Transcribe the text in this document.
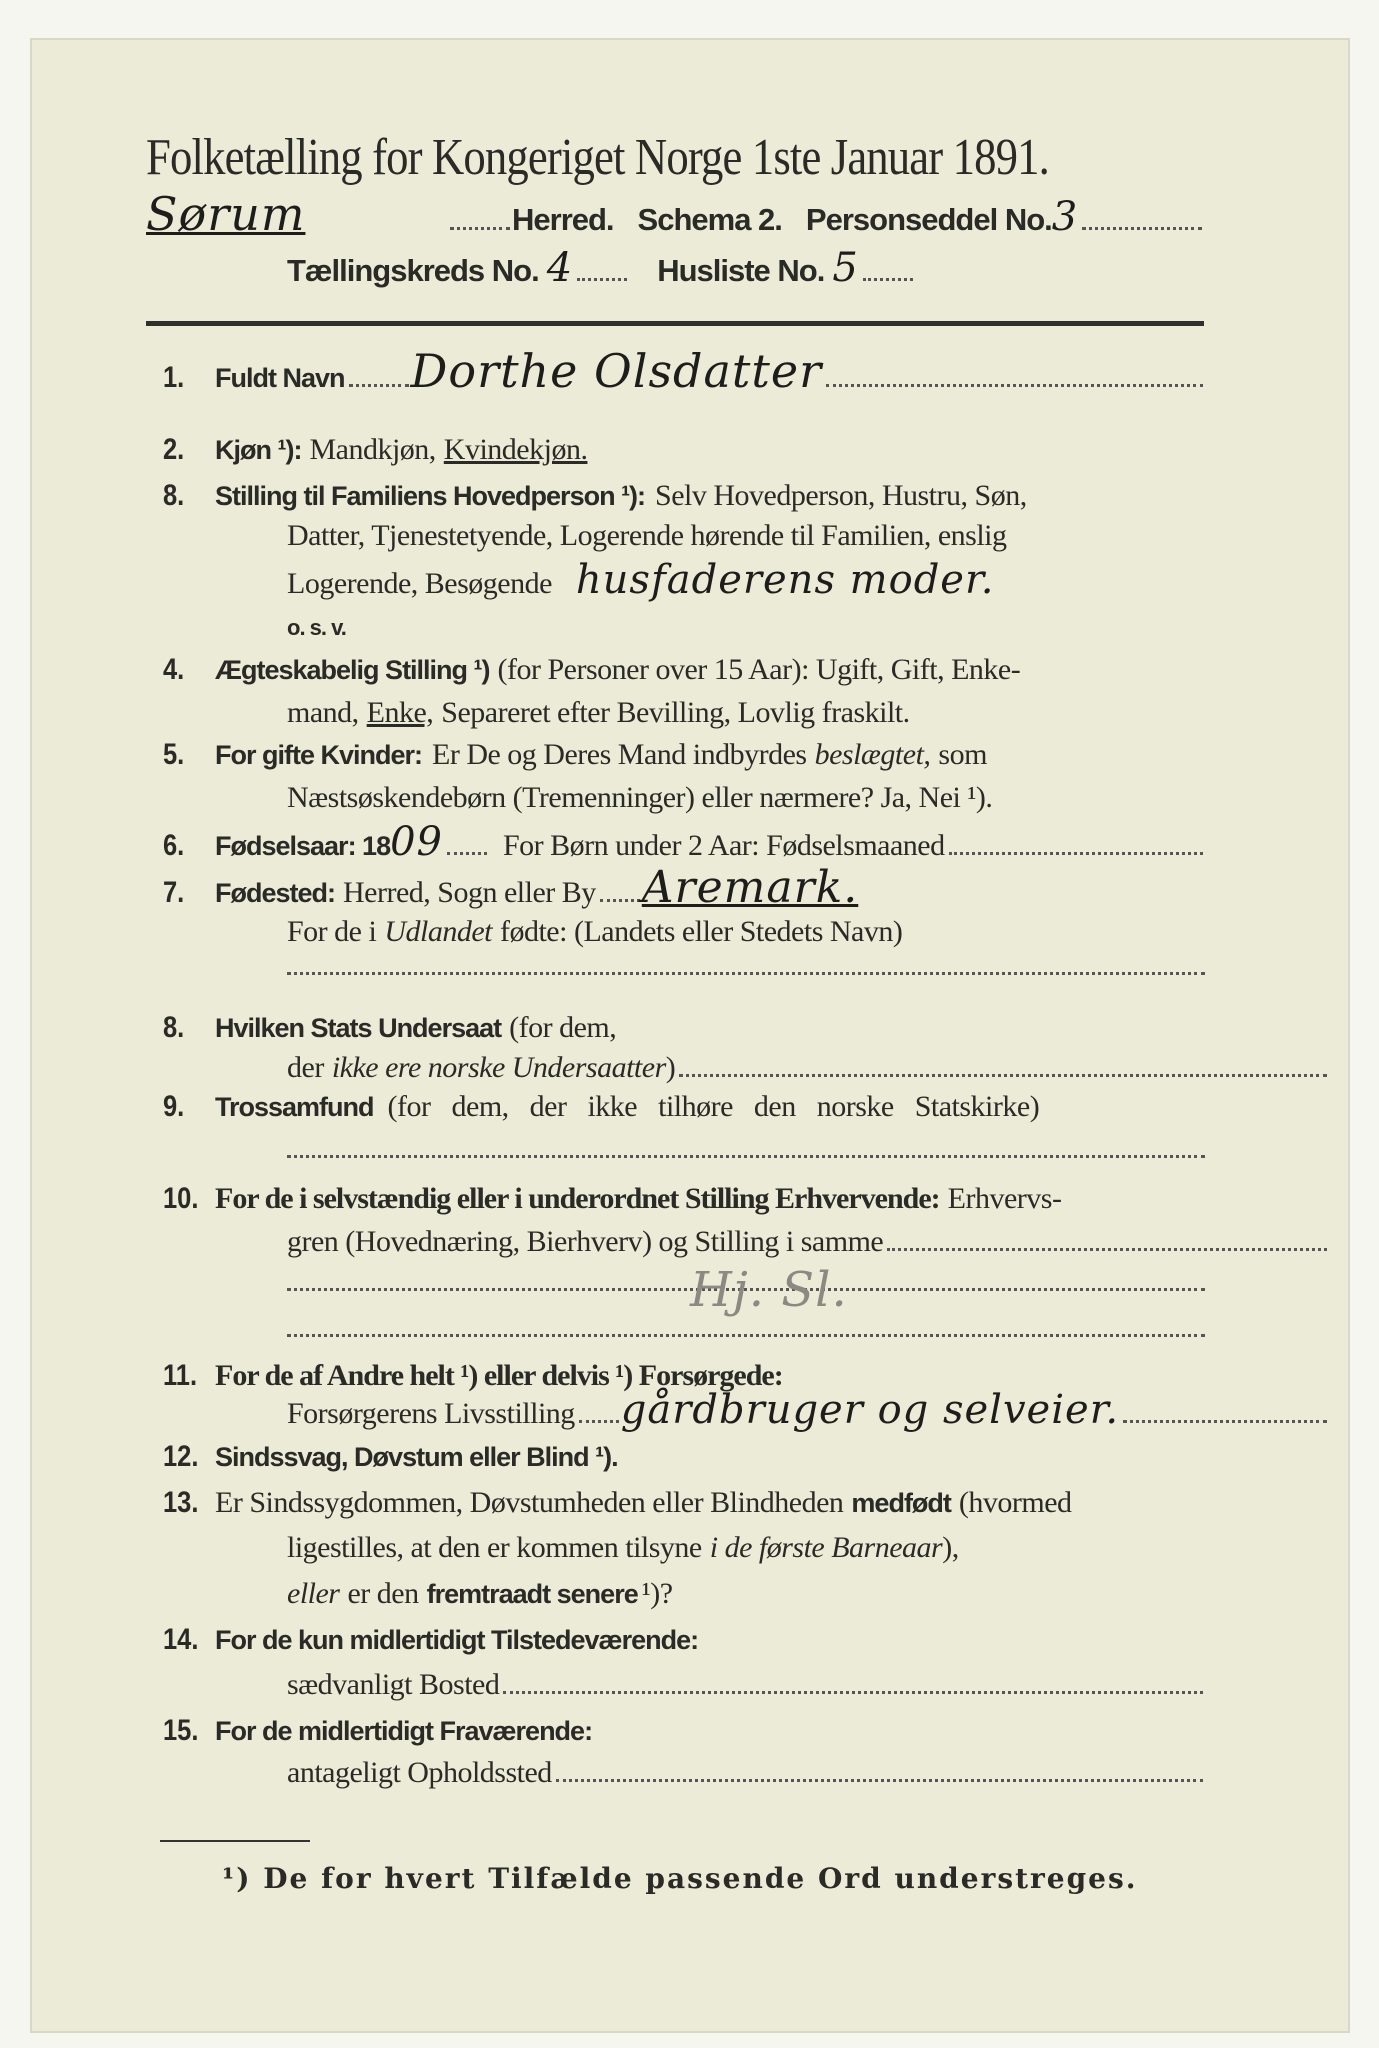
Folketælling for Kongeriget Norge 1ste Januar 1891.
Sørum	Herred. Schema 2. Personseddel No. 3
Tællingskreds No. 4	Husliste No. 5
1.	Fuldt Navn Dorthe Olsdatter
2.	Kjøn ¹): Mandkjøn, Kvindekjøn.
8.	Stilling til Familiens Hovedperson ¹): Selv Hovedperson, Hustru, Søn,
Datter, Tjenestetyende, Logerende hørende til Familien, enslig
Logerende, Besøgende husfaderens moder.
o. s. v.
4.	Ægteskabelig Stilling ¹) (for Personer over 15 Aar): Ugift, Gift, Enke-
mand, Enke, Separeret efter Bevilling, Lovlig fraskilt.
5.	For gifte Kvinder: Er De og Deres Mand indbyrdes beslægtet, som
Næstsøskendebørn (Tremenninger) eller nærmere? Ja, Nei ¹).
6.	Fødselsaar: 18 09 For Børn under 2 Aar: Fødselsmaaned
7.	Fødested: Herred, Sogn eller By Aremark.
For de i Udlandet fødte: (Landets eller Stedets Navn)
8.	Hvilken Stats Undersaat (for dem,
der ikke ere norske Undersaatter )
9.	Trossamfund (for dem, der ikke tilhøre den norske Statskirke)
10. For de i selvstændig eller i underordnet Stilling Erhvervende: Erhvervs-
gren (Hovednæring, Bierhverv) og Stilling i samme
Hj. Sl.
11. For de af Andre helt ¹) eller delvis ¹) Forsørgede:
Forsørgerens Livsstilling gårdbruger og selveier.
12. Sindssvag, Døvstum eller Blind ¹).
13. Er Sindssygdommen, Døvstumheden eller Blindheden medfødt (hvormed
ligestilles, at den er kommen tilsyne i de første Barneaar ),
eller er den fremtraadt senere ¹)?
14. For de kun midlertidigt Tilstedeværende:
sædvanligt Bosted
15. For de midlertidigt Fraværende:
antageligt Opholdssted
¹) De for hvert Tilfælde passende Ord understreges.
